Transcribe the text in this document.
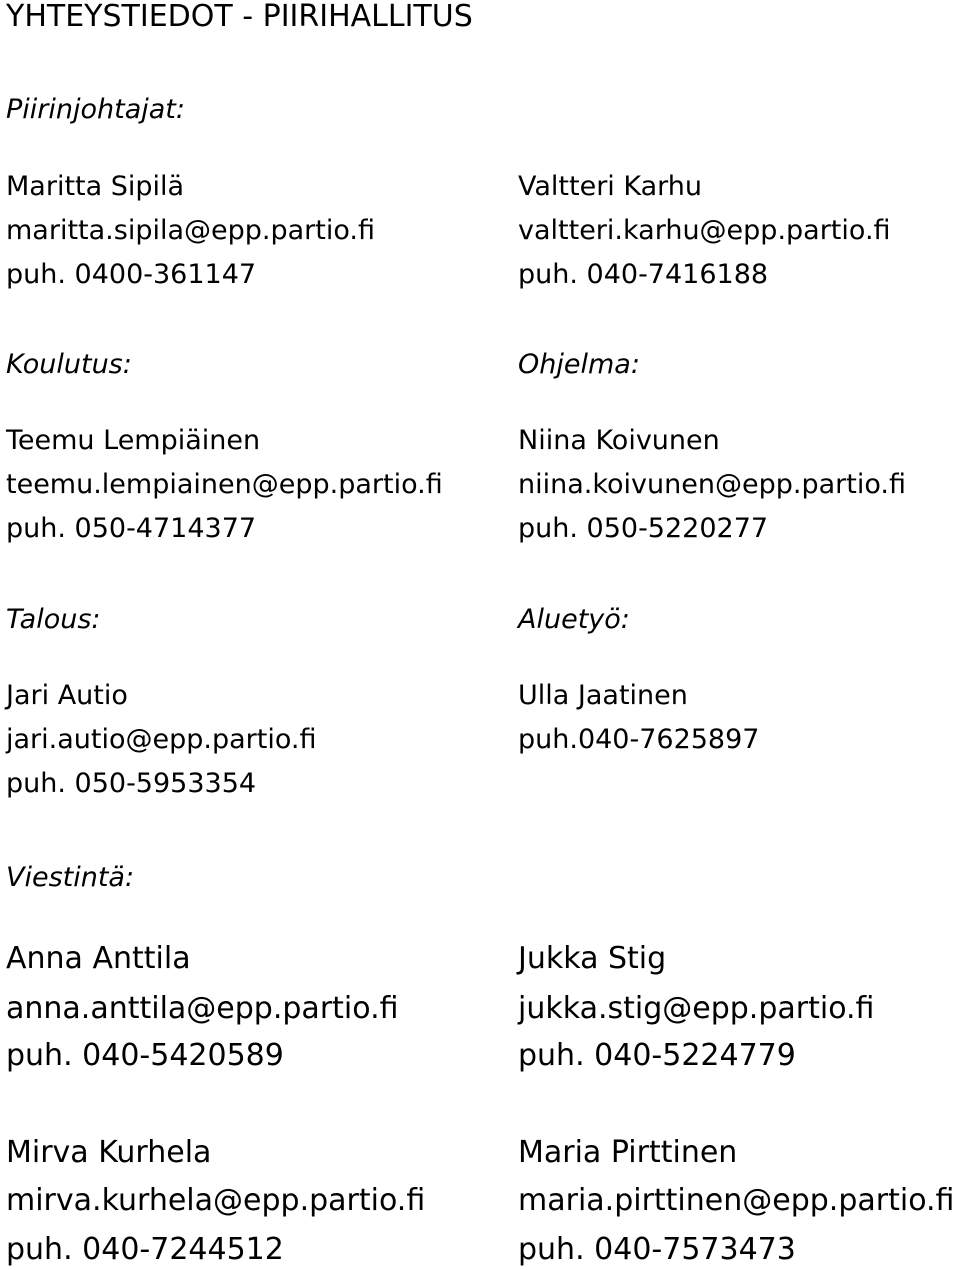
YHTEYSTIEDOT - PIIRIHALLITUS
Piirinjohtajat:
Maritta Sipilä
maritta.sipila@epp.partio.fi
puh. 0400-361147
Valtteri Karhu
valtteri.karhu@epp.partio.fi
puh. 040-7416188
Koulutus:	Ohjelma:
Teemu Lempiäinen
teemu.lempiainen@epp.partio.fi
puh. 050-4714377
Niina Koivunen
niina.koivunen@epp.partio.fi
puh. 050-5220277
Talous:	Aluetyö:
Jari Autio
jari.autio@epp.partio.fi
puh. 050-5953354
Ulla Jaatinen
puh.040-7625897
Viestintä:
Anna Anttila
anna.anttila@epp.partio.fi
puh. 040-5420589
Jukka Stig
jukka.stig@epp.partio.fi
puh. 040-5224779
Mirva Kurhela
mirva.kurhela@epp.partio.fi
puh. 040-7244512
Maria Pirttinen
maria.pirttinen@epp.partio.fi
puh. 040-7573473
